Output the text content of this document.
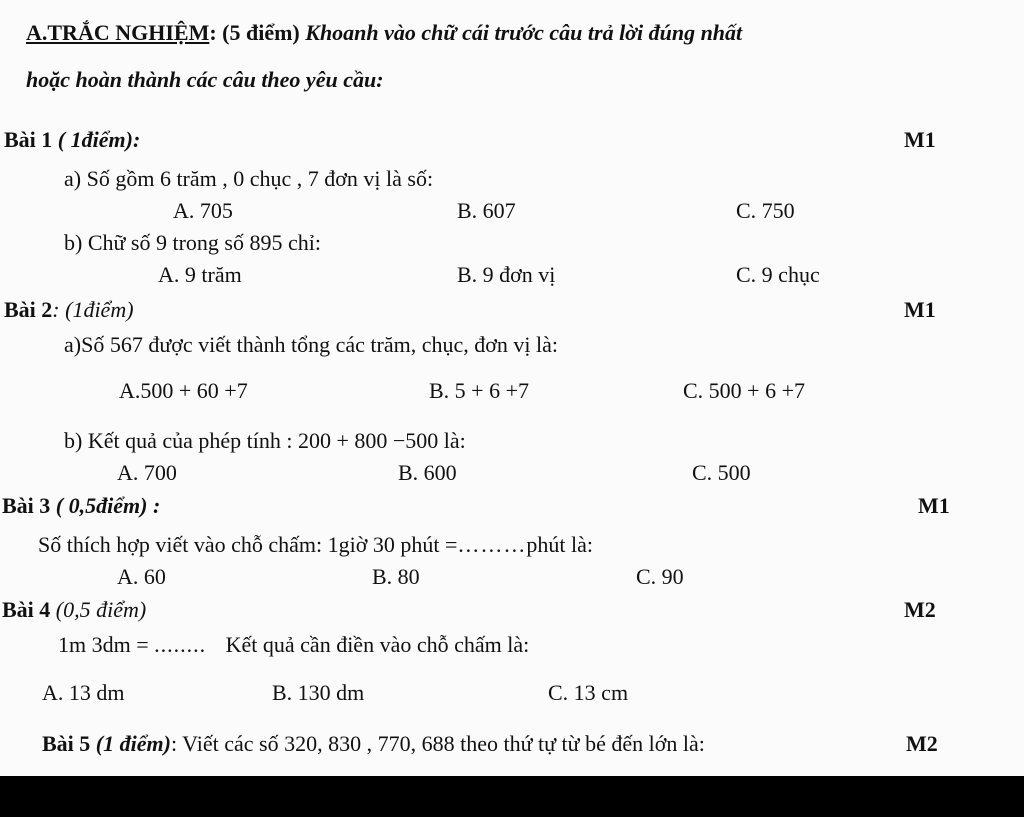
A.TRẮC NGHIỆM: (5 điểm) Khoanh vào chữ cái trước câu trả lời đúng nhất
hoặc hoàn thành các câu theo yêu cầu:
Bài 1 ( 1điểm):	M1
a) Số gồm 6 trăm , 0 chục , 7 đơn vị là số:
A. 705	B. 607	C. 750
b) Chữ số 9 trong số 895 chỉ:
A. 9 trăm	B. 9 đơn vị	C. 9 chục
Bài 2: (1điểm)	M1
a)Số 567 được viết thành tổng các trăm, chục, đơn vị là:
A.500 + 60 +7	B. 5 + 6 +7	C. 500 + 6 +7
b) Kết quả của phép tính : 200 + 800 −500 là:
A. 700	B. 600	C. 500
Bài 3 ( 0,5điểm) :	M1
Số thích hợp viết vào chỗ chấm: 1giờ 30 phút =………phút là:
A. 60	B. 80	C. 90
Bài 4 (0,5 điểm)	M2
1m 3dm = ........ Kết quả cần điền vào chỗ chấm là:
A. 13 dm	B. 130 dm	C. 13 cm
Bài 5 (1 điểm): Viết các số 320, 830 , 770, 688 theo thứ tự từ bé đến lớn là:	M2
